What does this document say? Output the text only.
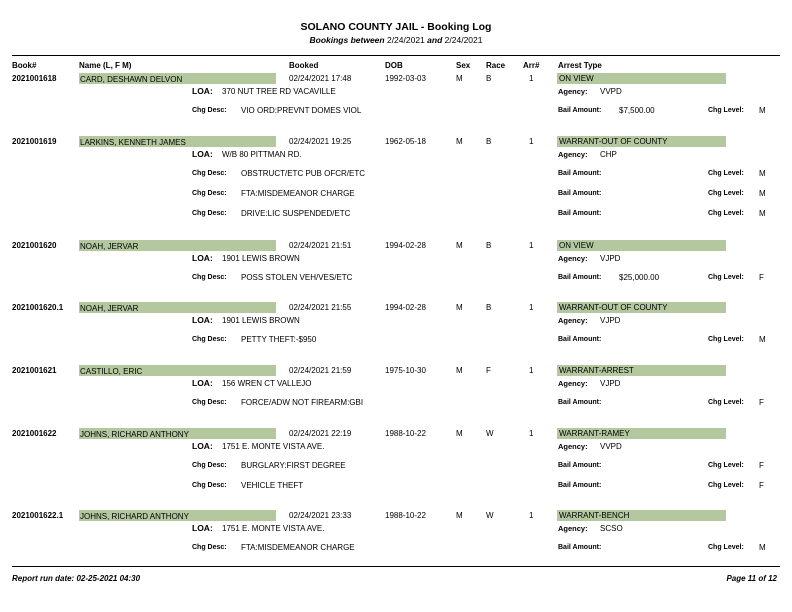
SOLANO COUNTY JAIL - Booking Log
Bookings between 2/24/2021 and 2/24/2021
Book#	Name (L, F M)	Booked	DOB	Sex Race Arr# Arrest Type
2021001618	CARD, DESHAWN DELVON	02/24/2021 17:48	1992-03-03	M	B	1	ON VIEW
LOA: 370 NUT TREE RD VACAVILLE	Agency: VVPD
Chg Desc: VIO ORD:PREVNT DOMES VIOL	Bail Amount: $7,500.00	Chg Level: M
2021001619	LARKINS, KENNETH JAMES	02/24/2021 19:25	1962-05-18	M	B	1	WARRANT-OUT OF COUNTY
LOA: W/B 80 PITTMAN RD.	Agency: CHP
Chg Desc: OBSTRUCT/ETC PUB OFCR/ETC	Bail Amount:	Chg Level: M
Chg Desc: FTA:MISDEMEANOR CHARGE	Bail Amount:	Chg Level: M
Chg Desc: DRIVE:LIC SUSPENDED/ETC	Bail Amount:	Chg Level: M
2021001620	NOAH, JERVAR	02/24/2021 21:51	1994-02-28	M	B	1	ON VIEW
LOA: 1901 LEWIS BROWN	Agency: VJPD
Chg Desc: POSS STOLEN VEH/VES/ETC	Bail Amount: $25,000.00	Chg Level: F
2021001620.1 NOAH, JERVAR	02/24/2021 21:55	1994-02-28	M	B	1	WARRANT-OUT OF COUNTY
LOA: 1901 LEWIS BROWN	Agency: VJPD
Chg Desc: PETTY THEFT:-$950	Bail Amount:	Chg Level: M
2021001621	CASTILLO, ERIC	02/24/2021 21:59	1975-10-30	M	F	1	WARRANT-ARREST
LOA: 156 WREN CT VALLEJO	Agency: VJPD
Chg Desc: FORCE/ADW NOT FIREARM:GBI	Bail Amount:	Chg Level: F
2021001622	JOHNS, RICHARD ANTHONY	02/24/2021 22:19	1988-10-22	M	W	1	WARRANT-RAMEY
LOA: 1751 E. MONTE VISTA AVE.	Agency: VVPD
Chg Desc: BURGLARY:FIRST DEGREE	Bail Amount:	Chg Level: F
Chg Desc: VEHICLE THEFT	Bail Amount:	Chg Level: F
2021001622.1 JOHNS, RICHARD ANTHONY	02/24/2021 23:33	1988-10-22	M	W	1	WARRANT-BENCH
LOA: 1751 E. MONTE VISTA AVE.	Agency: SCSO
Chg Desc: FTA:MISDEMEANOR CHARGE	Bail Amount:	Chg Level: M
Report run date: 02-25-2021 04:30	Page 11 of 12
